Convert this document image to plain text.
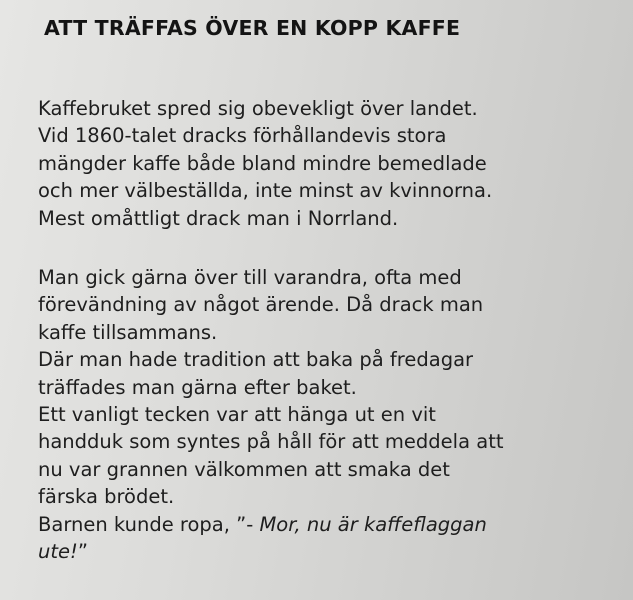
ATT TRÄFFAS ÖVER EN KOPP KAFFE
Kaffebruket spred sig obevekligt över landet.
Vid 1860-talet dracks förhållandevis stora
mängder kaffe både bland mindre bemedlade
och mer välbeställda, inte minst av kvinnorna.
Mest omåttligt drack man i Norrland.
Man gick gärna över till varandra, ofta med
förevändning av något ärende. Då drack man
kaffe tillsammans.
Där man hade tradition att baka på fredagar
träffades man gärna efter baket.
Ett vanligt tecken var att hänga ut en vit
handduk som syntes på håll för att meddela att
nu var grannen välkommen att smaka det
färska brödet.
Barnen kunde ropa, ”- Mor, nu är kaffeflaggan
ute!”
